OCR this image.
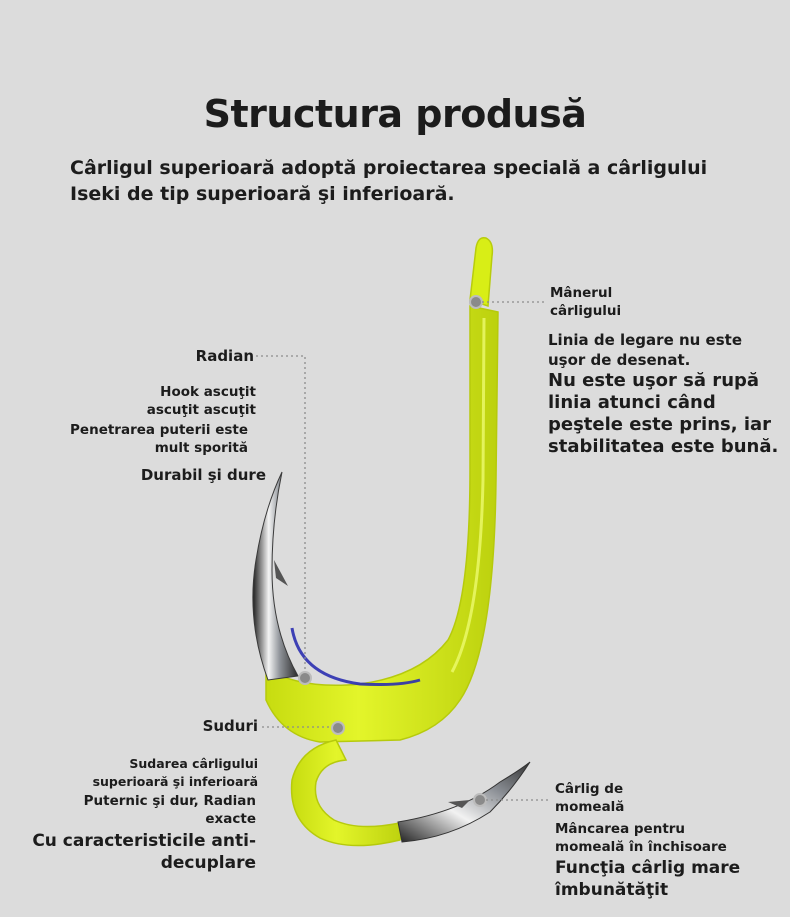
Structura produsă

Cârligul superioară adoptă proiectarea specială a cârligului
Iseki de tip superioară şi inferioară.

Mânerul
cârligului
Linia de legare nu este
uşor de desenat.
Nu este uşor să rupă
linia atunci când
peştele este prins, iar
stabilitatea este bună.
Radian
Hook ascuţit
ascuţit ascuţit
Penetrarea puterii este
mult sporită
Durabil şi dure
Suduri
Sudarea cârligului
superioară şi inferioară
Puternic şi dur, Radian
exacte
Cu caracteristicile anti-
decuplare
Cârlig de
momeală
Mâncarea pentru
momeală în închisoare
Funcţia cârlig mare
îmbunătăţit
